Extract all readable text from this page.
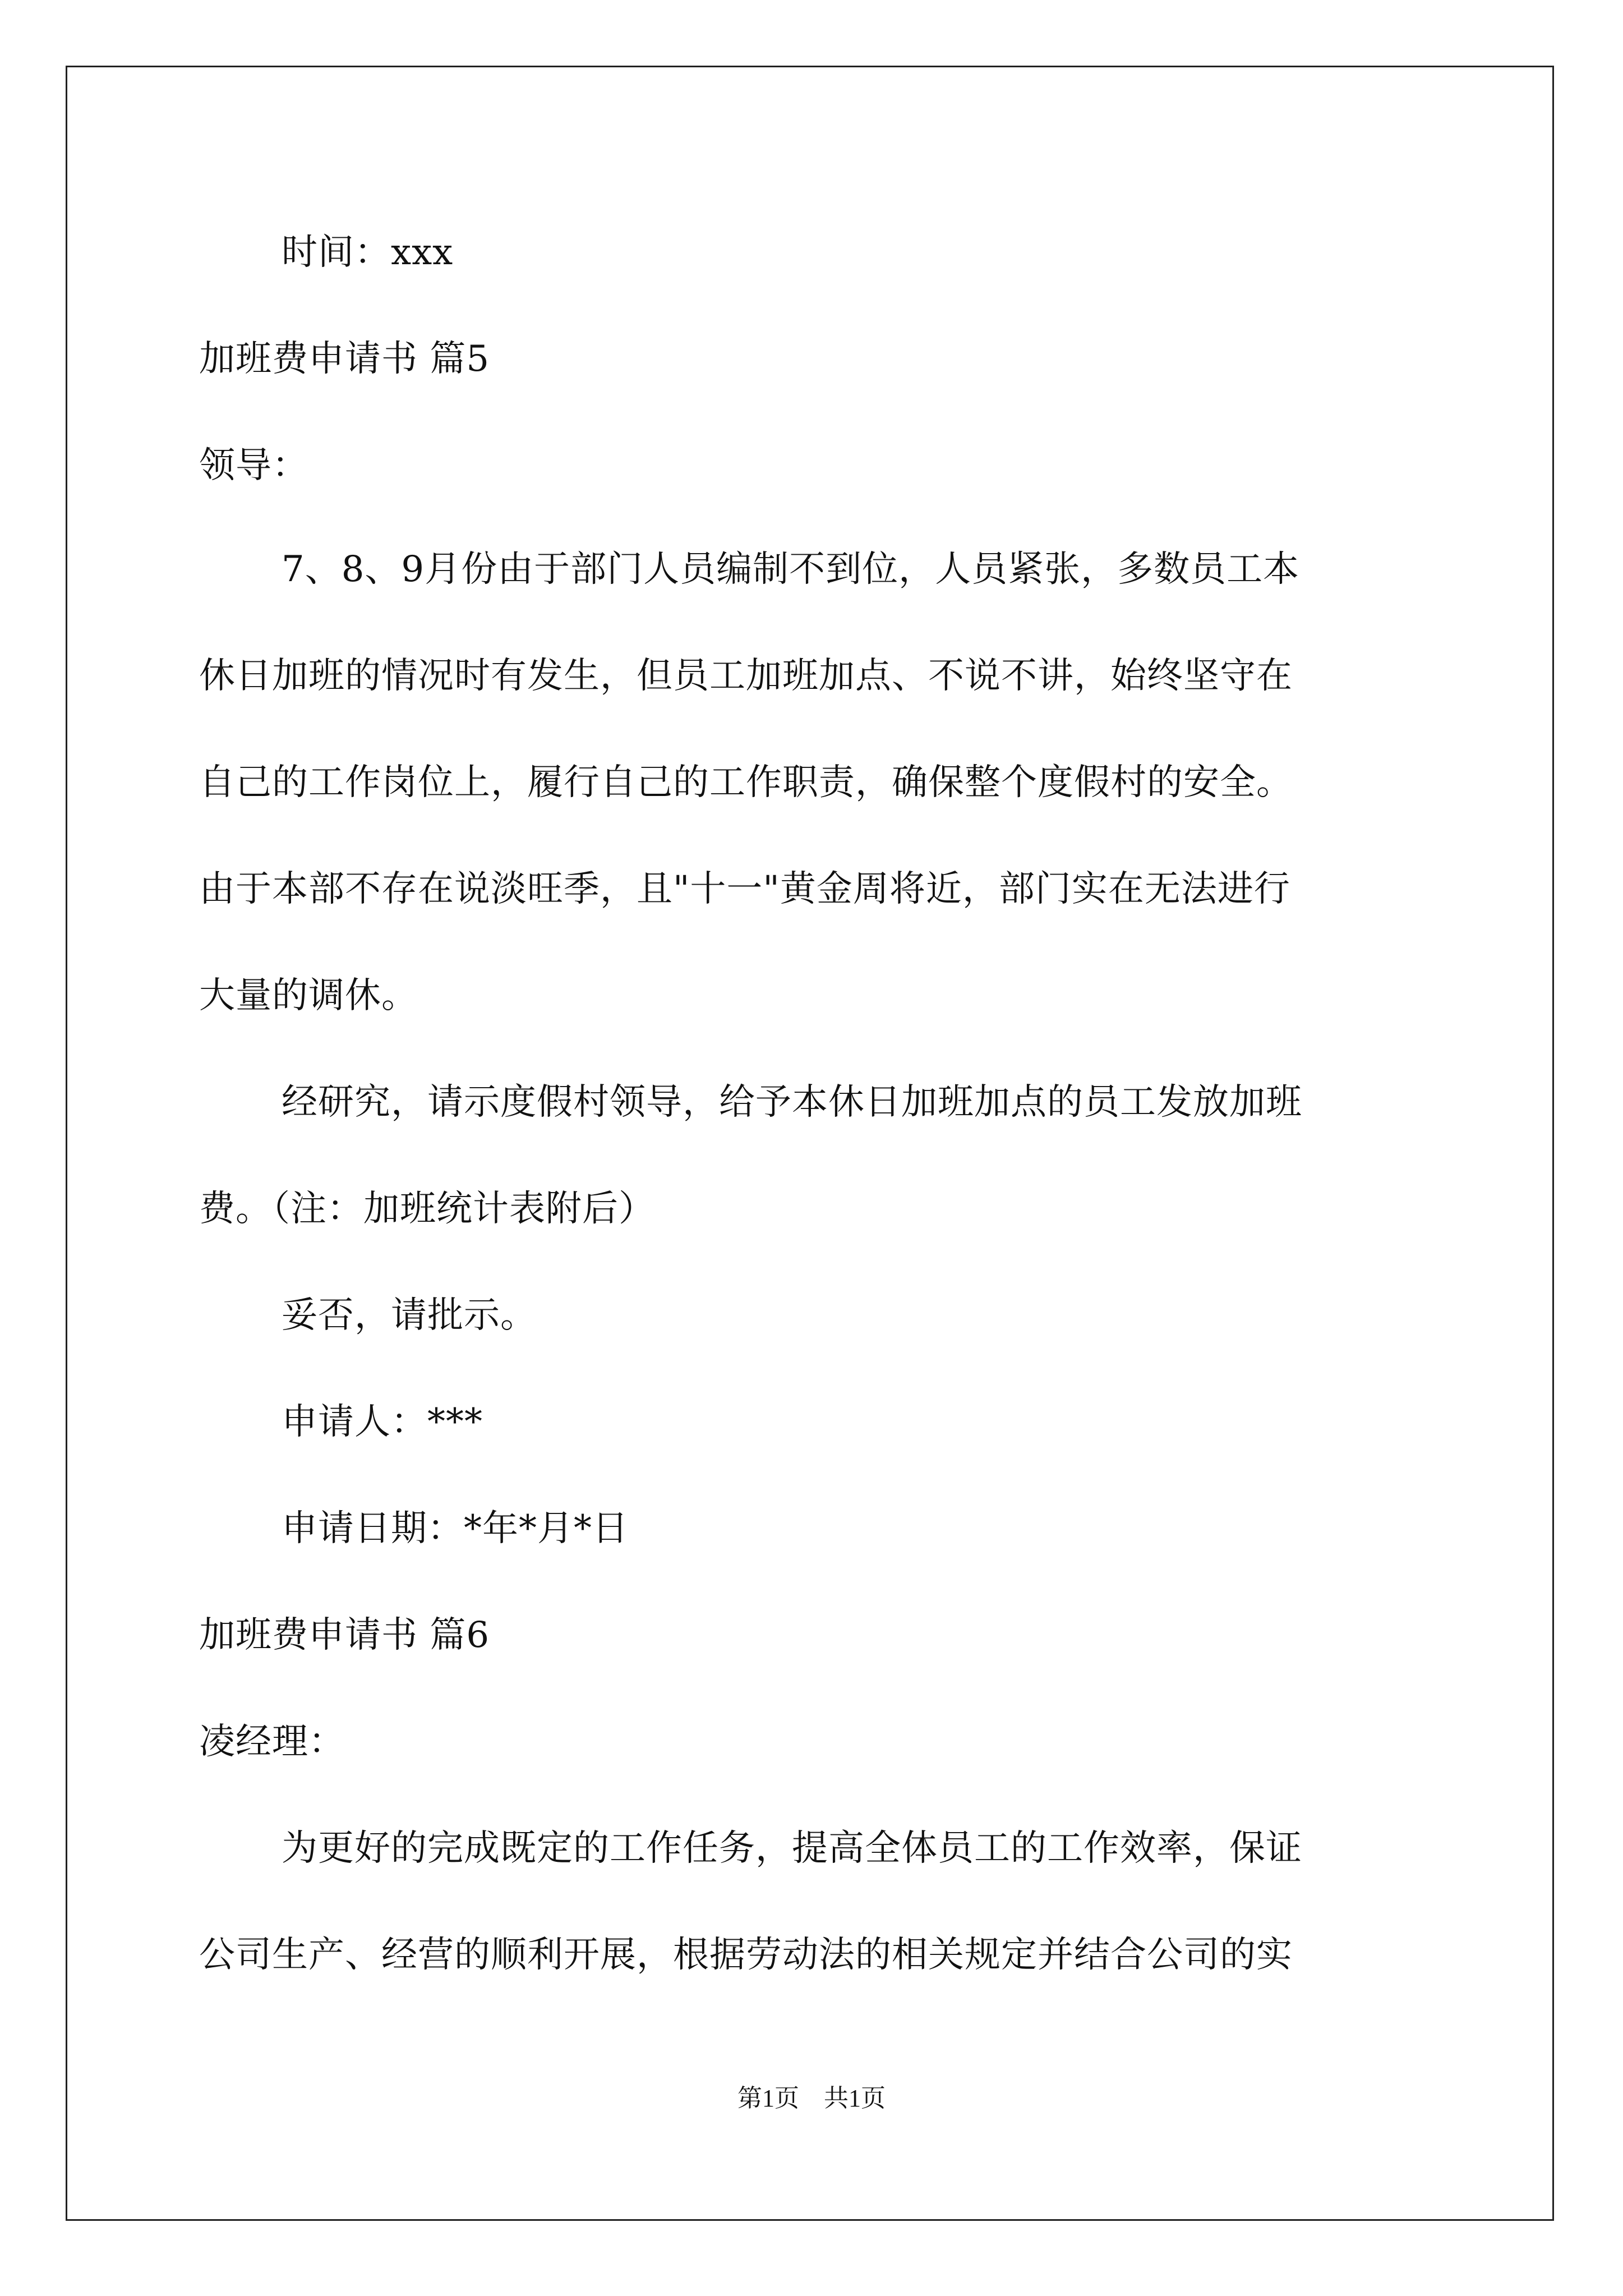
时间：xxx
加班费申请书 篇5
领导：
7、8、9月份由于部门人员编制不到位，人员紧张，多数员工本
休日加班的情况时有发生，但员工加班加点、不说不讲，始终坚守在
自己的工作岗位上，履行自己的工作职责，确保整个度假村的安全。
由于本部不存在说淡旺季，且"十一"黄金周将近，部门实在无法进行
大量的调休。
经研究，请示度假村领导，给予本休日加班加点的员工发放加班
费。（注：加班统计表附后）
妥否，请批示。
申请人：***
申请日期：*年*月*日
加班费申请书 篇6
凌经理：
为更好的完成既定的工作任务，提高全体员工的工作效率，保证
公司生产、经营的顺利开展，根据劳动法的相关规定并结合公司的实
第1页　共1页
